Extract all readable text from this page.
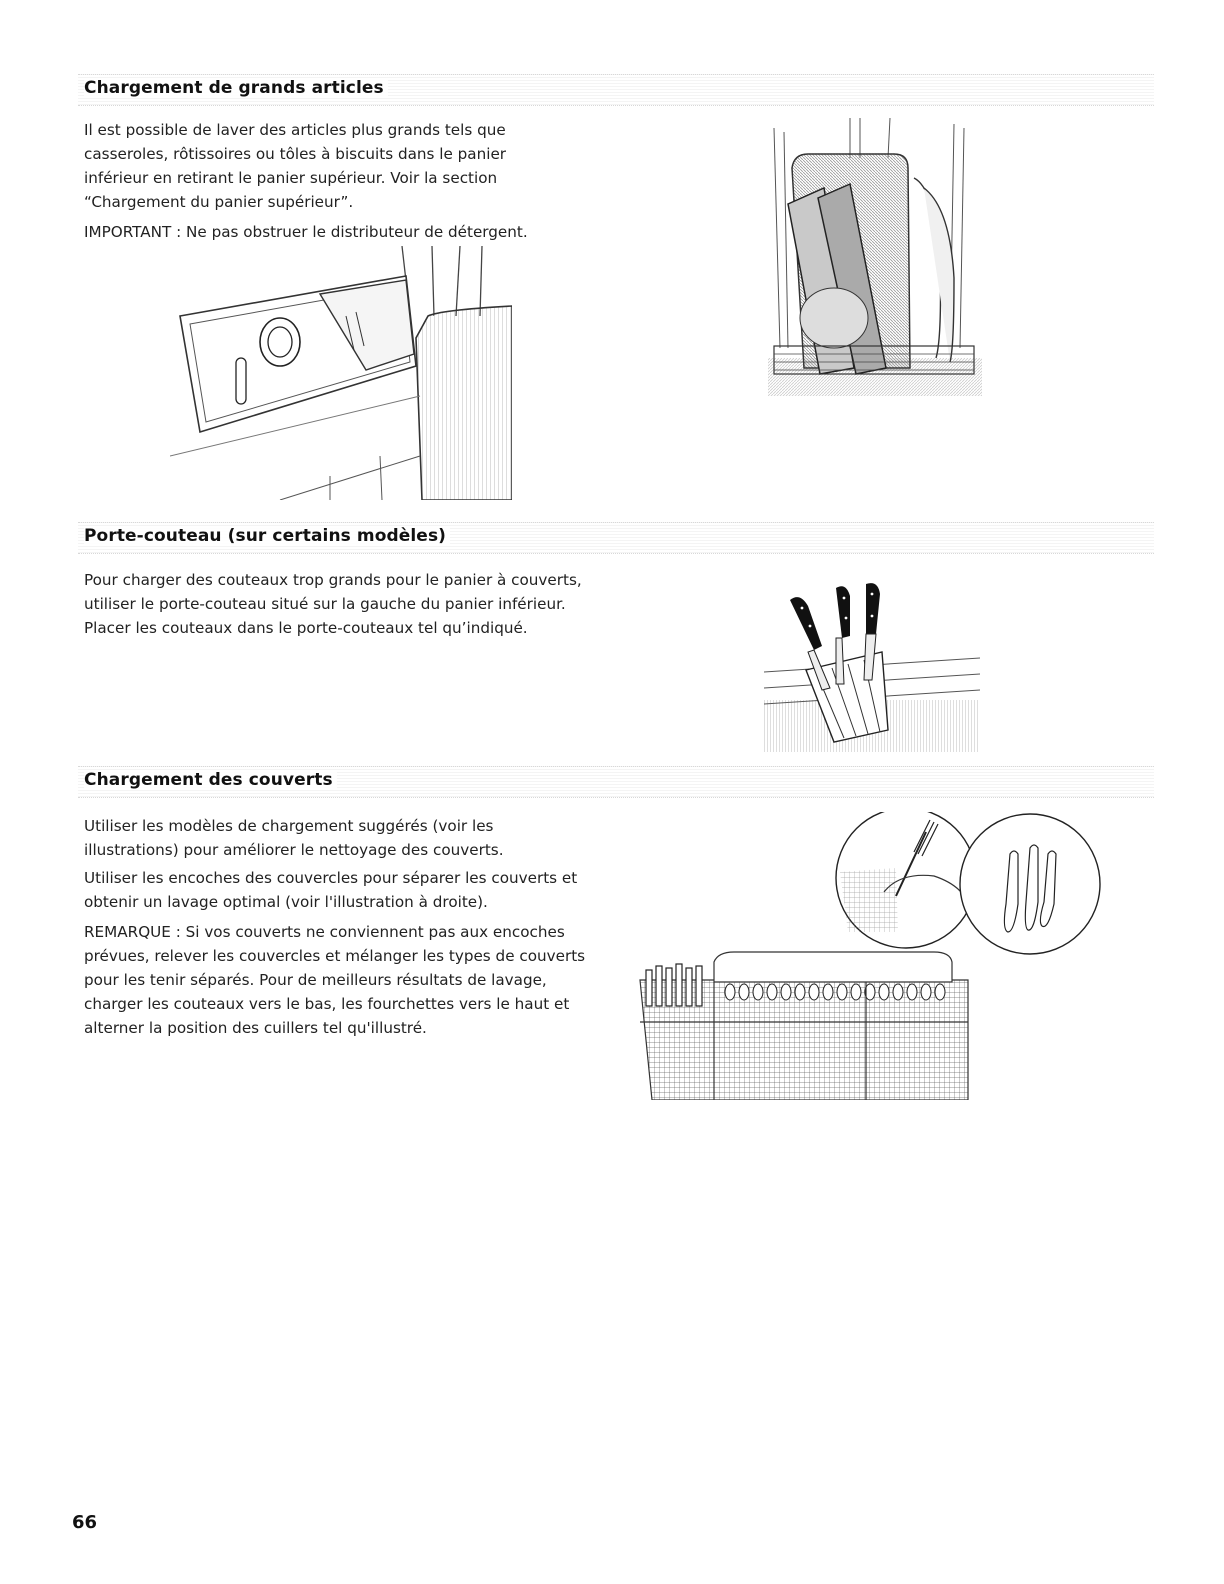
Chargement de grands articles

Il est possible de laver des articles plus grands tels que casseroles, rôtissoires ou tôles à biscuits dans le panier inférieur en retirant le panier supérieur. Voir la section “Chargement du panier supérieur”.

IMPORTANT : Ne pas obstruer le distributeur de détergent.

Porte-couteau (sur certains modèles)

Pour charger des couteaux trop grands pour le panier à couverts, utiliser le porte-couteau situé sur la gauche du panier inférieur. Placer les couteaux dans le porte-couteaux tel qu’indiqué.

Chargement des couverts

Utiliser les modèles de chargement suggérés (voir les illustrations) pour améliorer le nettoyage des couverts.

Utiliser les encoches des couvercles pour séparer les couverts et obtenir un lavage optimal (voir l'illustration à droite).

REMARQUE : Si vos couverts ne conviennent pas aux encoches prévues, relever les couvercles et mélanger les types de couverts pour les tenir séparés. Pour de meilleurs résultats de lavage, charger les couteaux vers le bas, les fourchettes vers le haut et alterner la position des cuillers tel qu'illustré.

66
